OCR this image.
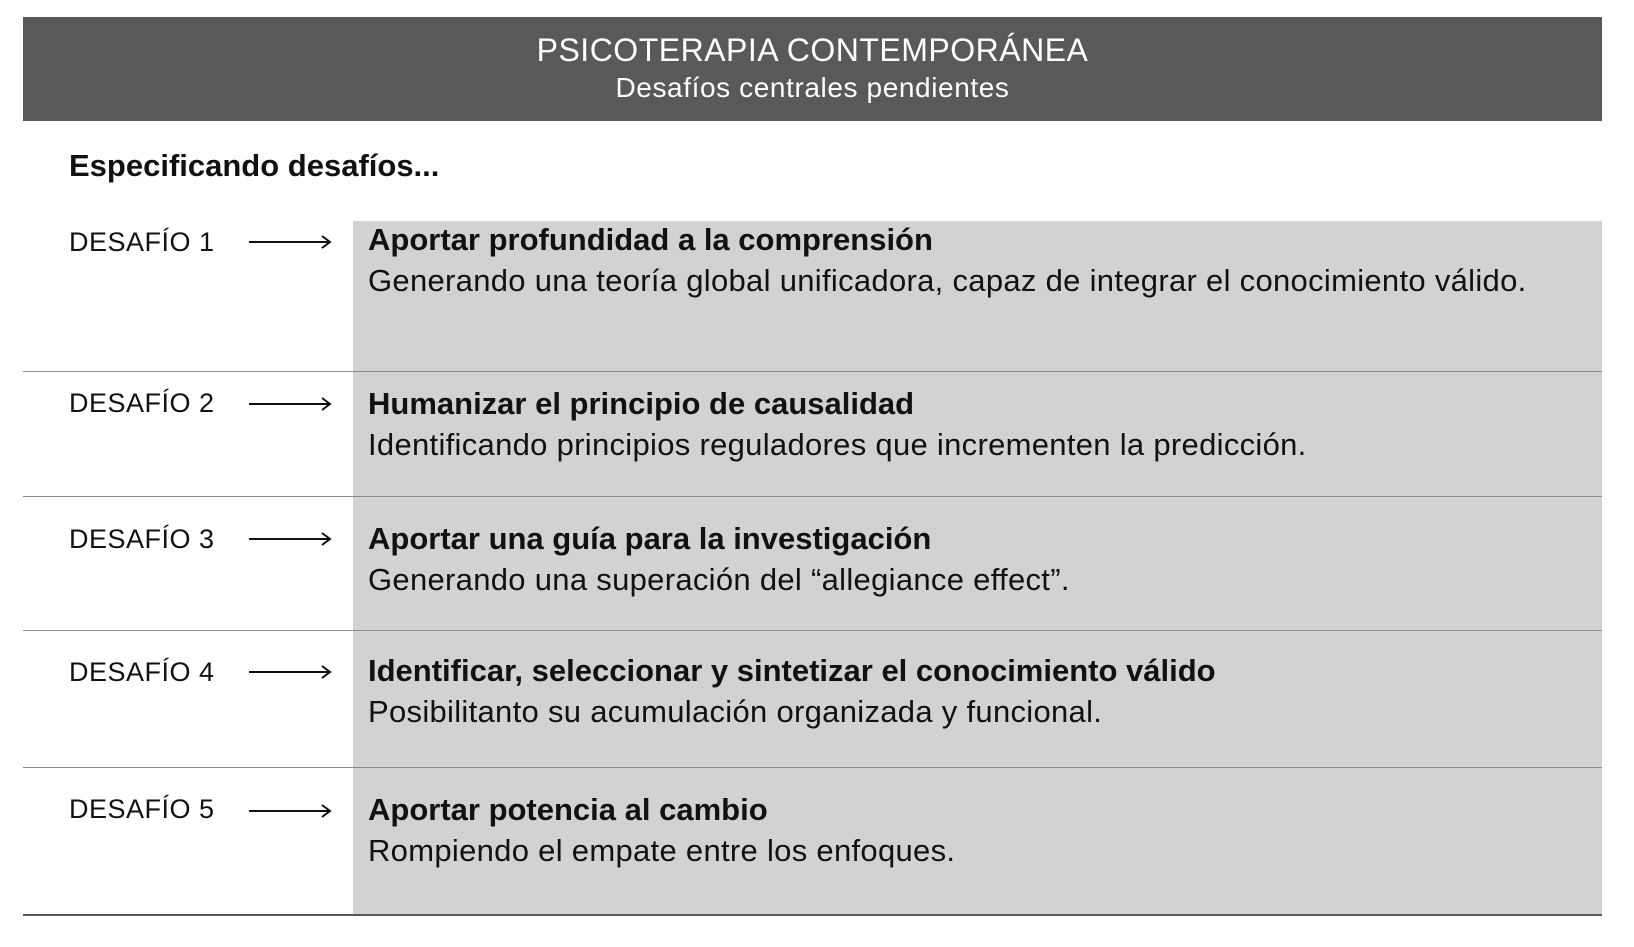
PSICOTERAPIA CONTEMPORÁNEA
Desafíos centrales pendientes
Especificando desafíos...
DESAFÍO 1	Aportar profundidad a la comprensión
Generando una teoría global unificadora, capaz de integrar el conocimiento válido.
DESAFÍO 2	Humanizar el principio de causalidad
Identificando principios reguladores que incrementen la predicción.
DESAFÍO 3	Aportar una guía para la investigación
Generando una superación del “allegiance effect”.
DESAFÍO 4	Identificar, seleccionar y sintetizar el conocimiento válido
Posibilitanto su acumulación organizada y funcional.
DESAFÍO 5	Aportar potencia al cambio
Rompiendo el empate entre los enfoques.
